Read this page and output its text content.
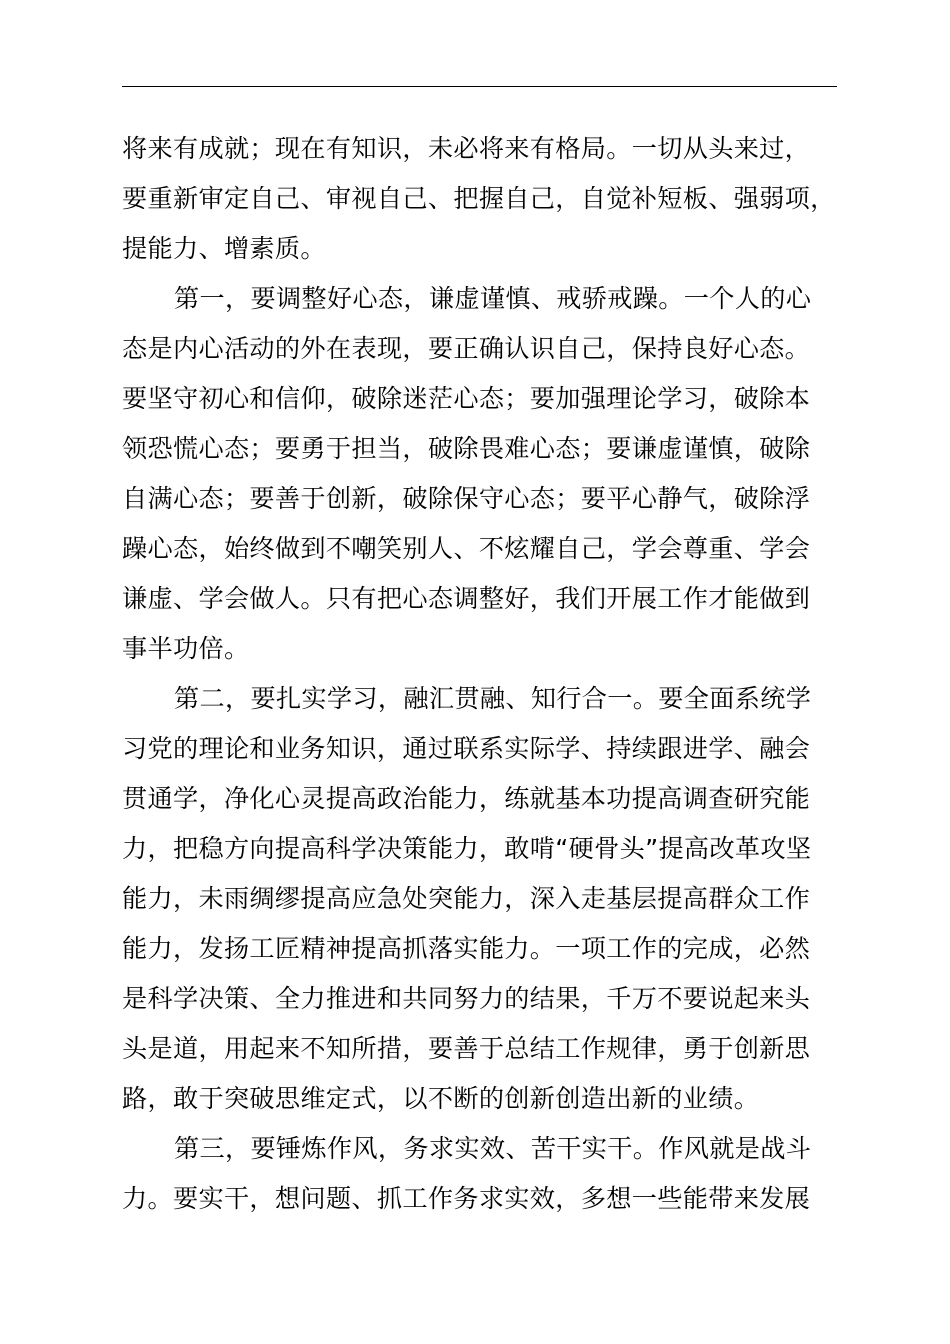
将来有成就；现在有知识，未必将来有格局。一切从头来过，
要重新审定自己、审视自己、把握自己，自觉补短板、强弱项，
提能力、增素质。
第一，要调整好心态，谦虚谨慎、戒骄戒躁。一个人的心
态是内心活动的外在表现，要正确认识自己，保持良好心态。
要坚守初心和信仰，破除迷茫心态；要加强理论学习，破除本
领恐慌心态；要勇于担当，破除畏难心态；要谦虚谨慎，破除
自满心态；要善于创新，破除保守心态；要平心静气，破除浮
躁心态，始终做到不嘲笑别人、不炫耀自己，学会尊重、学会
谦虚、学会做人。只有把心态调整好，我们开展工作才能做到
事半功倍。
第二，要扎实学习，融汇贯融、知行合一。要全面系统学
习党的理论和业务知识，通过联系实际学、持续跟进学、融会
贯通学，净化心灵提高政治能力，练就基本功提高调查研究能
力，把稳方向提高科学决策能力，敢啃“硬骨头”提高改革攻坚
能力，未雨绸缪提高应急处突能力，深入走基层提高群众工作
能力，发扬工匠精神提高抓落实能力。一项工作的完成，必然
是科学决策、全力推进和共同努力的结果，千万不要说起来头
头是道，用起来不知所措，要善于总结工作规律，勇于创新思
路，敢于突破思维定式，以不断的创新创造出新的业绩。
第三，要锤炼作风，务求实效、苦干实干。作风就是战斗
力。要实干，想问题、抓工作务求实效，多想一些能带来发展
